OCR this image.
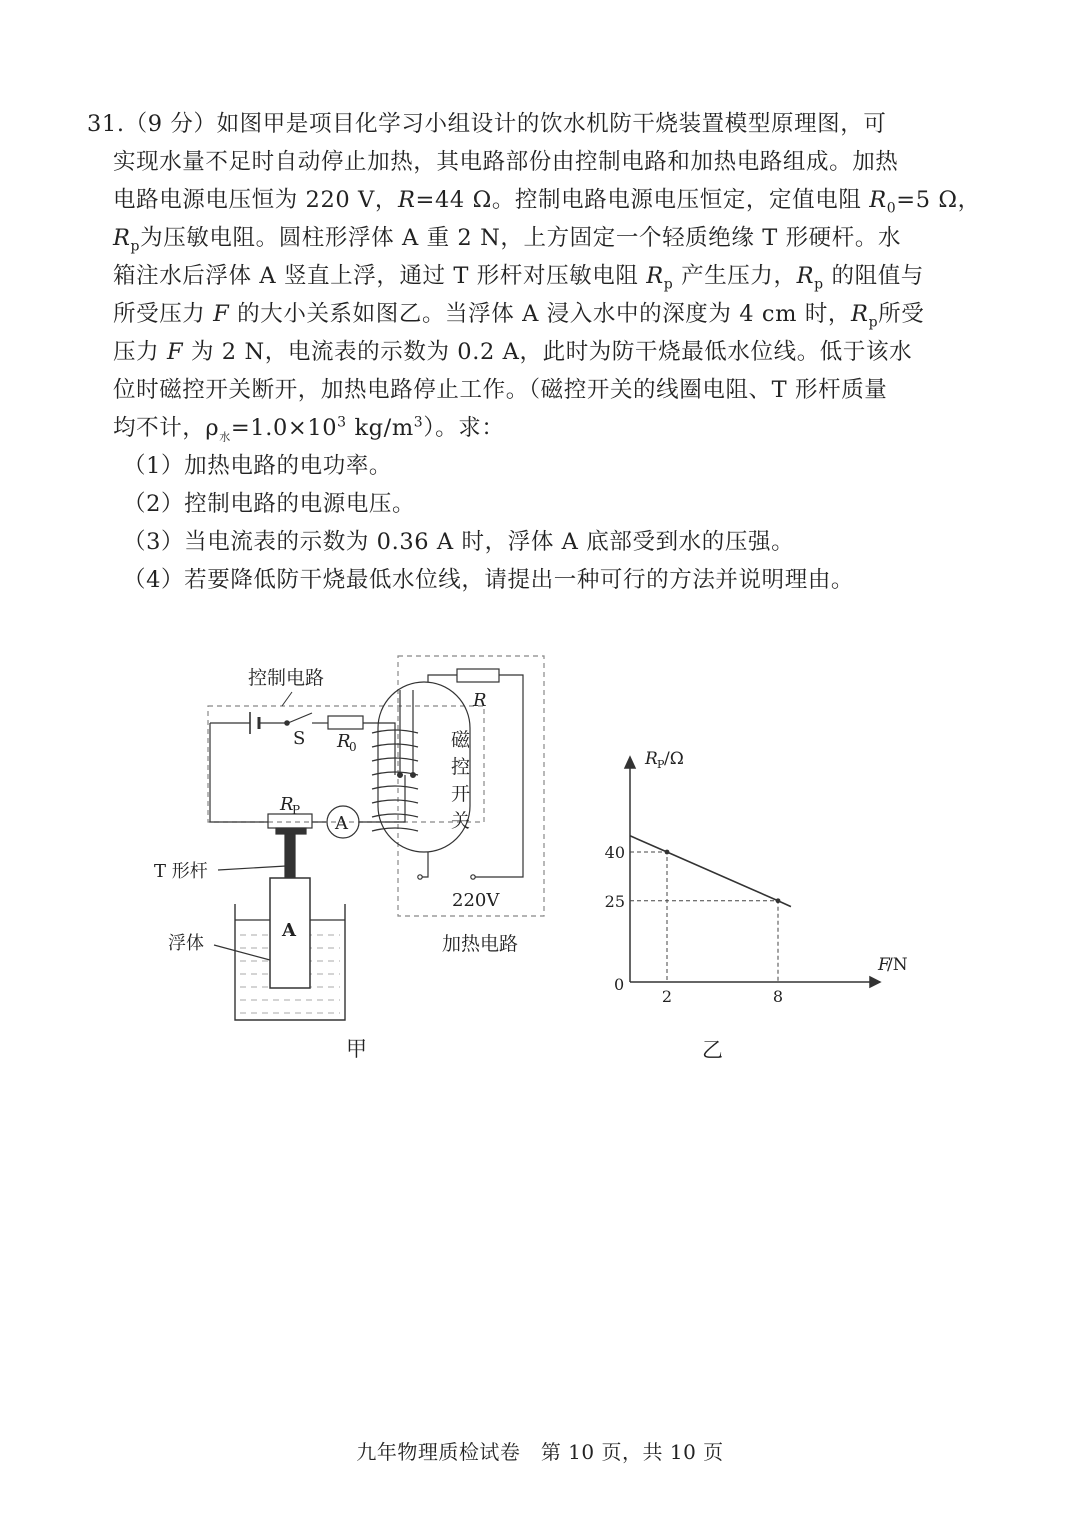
31.（9 分）如图甲是项目化学习小组设计的饮水机防干烧装置模型原理图，可
实现水量不足时自动停止加热，其电路部份由控制电路和加热电路组成。加热
电路电源电压恒为 220 V，R=44 Ω。控制电路电源电压恒定，定值电阻 $R_0=5$ Ω，
$R_p$为压敏电阻。圆柱形浮体 A 重 2 N，上方固定一个轻质绝缘 T 形硬杆。水
箱注水后浮体 A 竖直上浮，通过 T 形杆对压敏电阻 $R_p$ 产生压力，$R_p$ 的阻值与
所受压力 F 的大小关系如图乙。当浮体 A 浸入水中的深度为 4 cm 时，$R_p$所受
压力 F 为 2 N，电流表的示数为 0.2 A，此时为防干烧最低水位线。低于该水
位时磁控开关断开，加热电路停止工作。（磁控开关的线圈电阻、T 形杆质量
均不计，$\rho_水=1.0\times 10^3$ $kg/m^3$）。求：
（1）加热电路的电功率。
（2）控制电路的电源电压。
（3）当电流表的示数为 0.36 A 时，浮体 A 底部受到水的压强。
（4）若要降低防干烧最低水位线，请提出一种可行的方法并说明理由。
控制电路
S R
0
R
R
P
A
磁
控
开
关
220V
加热电路
T 形杆
浮体
A
甲
R P /Ω
F
/N
0
2	8
40
25
乙
九年物理质检试卷　第 10 页，共 10 页
